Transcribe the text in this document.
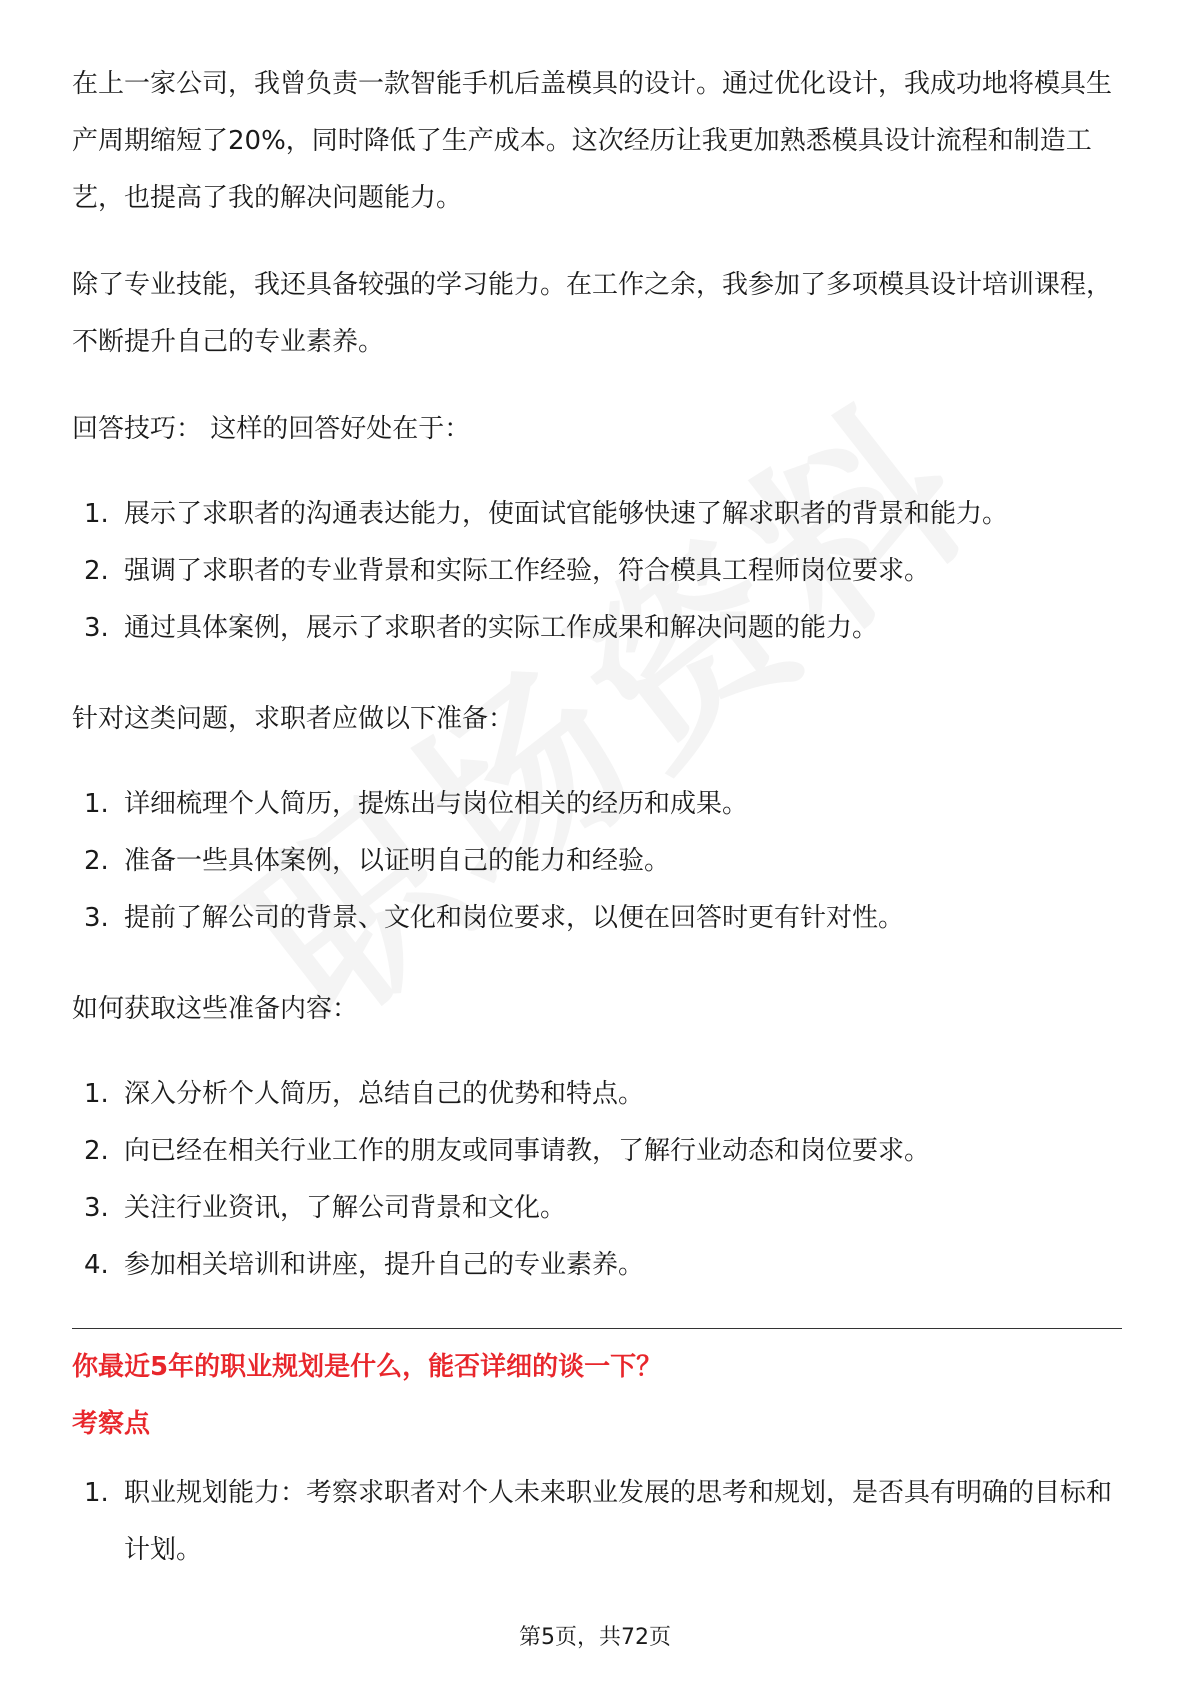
在上一家公司，我曾负责一款智能手机后盖模具的设计。通过优化设计，我成功地将模具生产周期缩短了20%，同时降低了生产成本。这次经历让我更加熟悉模具设计流程和制造工艺，也提高了我的解决问题能力。

除了专业技能，我还具备较强的学习能力。在工作之余，我参加了多项模具设计培训课程，不断提升自己的专业素养。

回答技巧： 这样的回答好处在于：

1. 展示了求职者的沟通表达能力，使面试官能够快速了解求职者的背景和能力。
2. 强调了求职者的专业背景和实际工作经验，符合模具工程师岗位要求。
3. 通过具体案例，展示了求职者的实际工作成果和解决问题的能力。

针对这类问题，求职者应做以下准备：

1. 详细梳理个人简历，提炼出与岗位相关的经历和成果。
2. 准备一些具体案例，以证明自己的能力和经验。
3. 提前了解公司的背景、文化和岗位要求，以便在回答时更有针对性。

如何获取这些准备内容：

1. 深入分析个人简历，总结自己的优势和特点。
2. 向已经在相关行业工作的朋友或同事请教，了解行业动态和岗位要求。
3. 关注行业资讯，了解公司背景和文化。
4. 参加相关培训和讲座，提升自己的专业素养。

你最近5年的职业规划是什么，能否详细的谈一下？

考察点

1. 职业规划能力：考察求职者对个人未来职业发展的思考和规划，是否具有明确的目标和计划。
第5页，共72页
